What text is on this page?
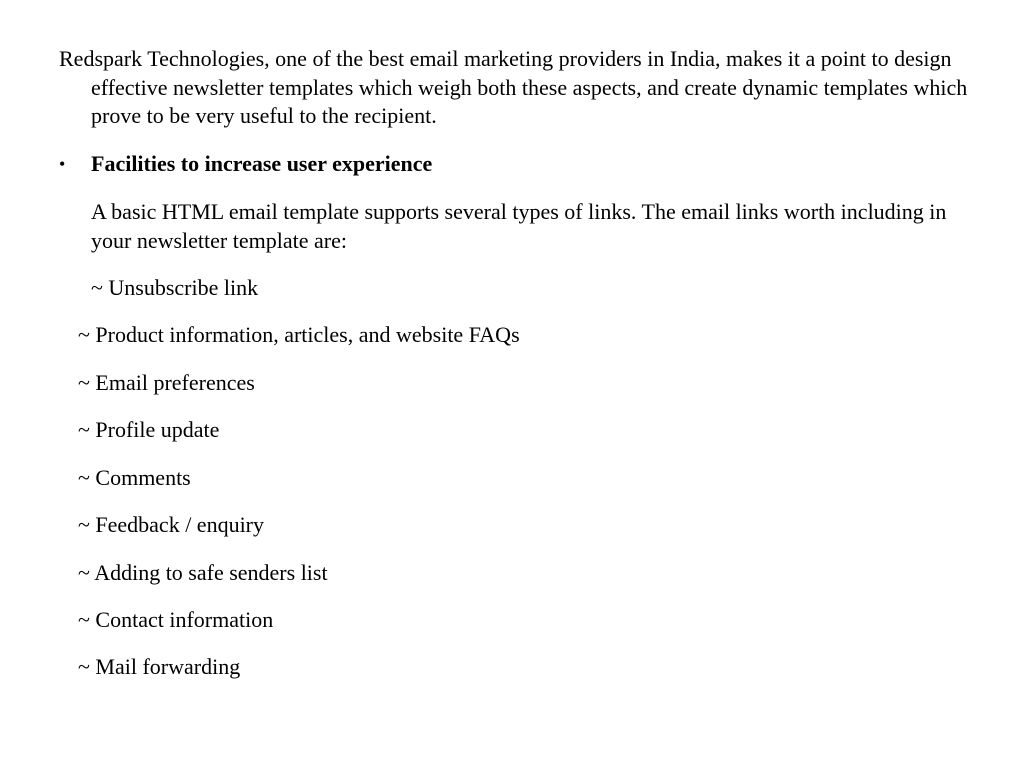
Redspark Technologies, one of the best email marketing providers in India, makes it a point to design effective newsletter templates which weigh both these aspects, and create dynamic templates which prove to be very useful to the recipient.

• Facilities to increase user experience

A basic HTML email template supports several types of links. The email links worth including in your newsletter template are:

~ Unsubscribe link

~ Product information, articles, and website FAQs

~ Email preferences

~ Profile update

~ Comments

~ Feedback / enquiry

~ Adding to safe senders list

~ Contact information

~ Mail forwarding
